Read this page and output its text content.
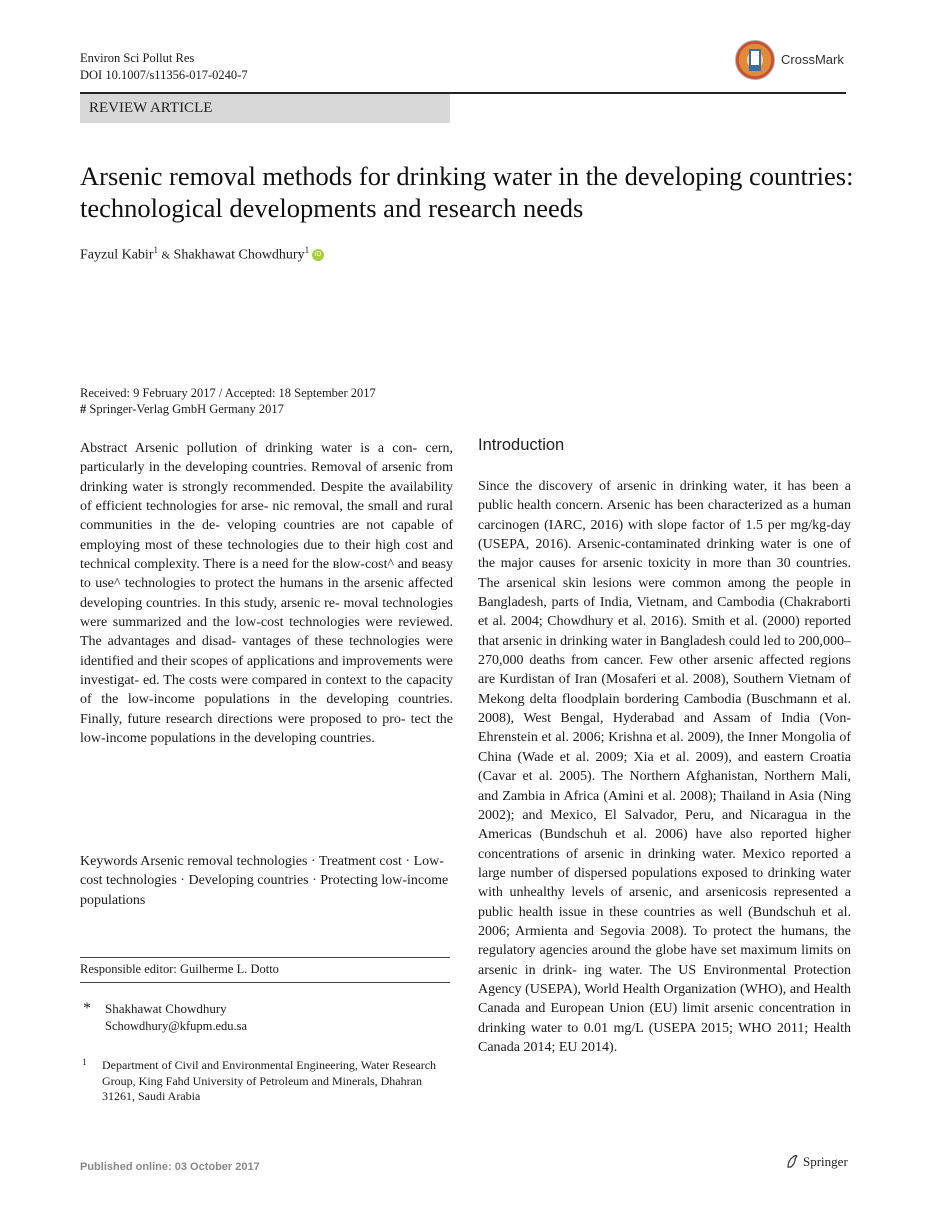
Environ Sci Pollut Res
DOI 10.1007/s11356-017-0240-7
CrossMark
REVIEW ARTICLE
Arsenic removal methods for drinking water in the developing countries: technological developments and research needs
Fayzul Kabir$^1$ & Shakhawat Chowdhury$^1$ iD
Received: 9 February 2017 / Accepted: 18 September 2017
# Springer-Verlag GmbH Germany 2017
Abstract Arsenic pollution of drinking water is a con- cern, particularly in the developing countries. Removal of arsenic from drinking water is strongly recommended. Despite the availability of efficient technologies for arse- nic removal, the small and rural communities in the de- veloping countries are not capable of employing most of these technologies due to their high cost and technical complexity. There is a need for the вlow-cost^ and вeasy to use^ technologies to protect the humans in the arsenic affected developing countries. In this study, arsenic re- moval technologies were summarized and the low-cost technologies were reviewed. The advantages and disad- vantages of these technologies were identified and their scopes of applications and improvements were investigat- ed. The costs were compared in context to the capacity of the low-income populations in the developing countries. Finally, future research directions were proposed to pro- tect the low-income populations in the developing countries.
Keywords Arsenic removal technologies · Treatment cost · Low-cost technologies · Developing countries · Protecting low-income populations
Introduction
Since the discovery of arsenic in drinking water, it has been a public health concern. Arsenic has been characterized as a human carcinogen (IARC, 2016) with slope factor of 1.5 per mg/kg-day (USEPA, 2016). Arsenic-contaminated drinking water is one of the major causes for arsenic toxicity in more than 30 countries. The arsenical skin lesions were common among the people in Bangladesh, parts of India, Vietnam, and Cambodia (Chakraborti et al. 2004; Chowdhury et al. 2016). Smith et al. (2000) reported that arsenic in drinking water in Bangladesh could led to 200,000–270,000 deaths from cancer. Few other arsenic affected regions are Kurdistan of Iran (Mosaferi et al. 2008), Southern Vietnam of Mekong delta floodplain bordering Cambodia (Buschmann et al. 2008), West Bengal, Hyderabad and Assam of India (Von-Ehrenstein et al. 2006; Krishna et al. 2009), the Inner Mongolia of China (Wade et al. 2009; Xia et al. 2009), and eastern Croatia (Cavar et al. 2005). The Northern Afghanistan, Northern Mali, and Zambia in Africa (Amini et al. 2008); Thailand in Asia (Ning 2002); and Mexico, El Salvador, Peru, and Nicaragua in the Americas (Bundschuh et al. 2006) have also reported higher concentrations of arsenic in drinking water. Mexico reported a large number of dispersed populations exposed to drinking water with unhealthy levels of arsenic, and arsenicosis represented a public health issue in these countries as well (Bundschuh et al. 2006; Armienta and Segovia 2008). To protect the humans, the regulatory agencies around the globe have set maximum limits on arsenic in drink- ing water. The US Environmental Protection Agency (USEPA), World Health Organization (WHO), and Health Canada and European Union (EU) limit arsenic concentration in drinking water to 0.01 mg/L (USEPA 2015; WHO 2011; Health Canada 2014; EU 2014).
Responsible editor: Guilherme L. Dotto
* Shakhawat Chowdhury
Schowdhury@kfupm.edu.sa
1 Department of Civil and Environmental Engineering, Water Research Group, King Fahd University of Petroleum and Minerals, Dhahran 31261, Saudi Arabia
Published online: 03 October 2017	Springer
